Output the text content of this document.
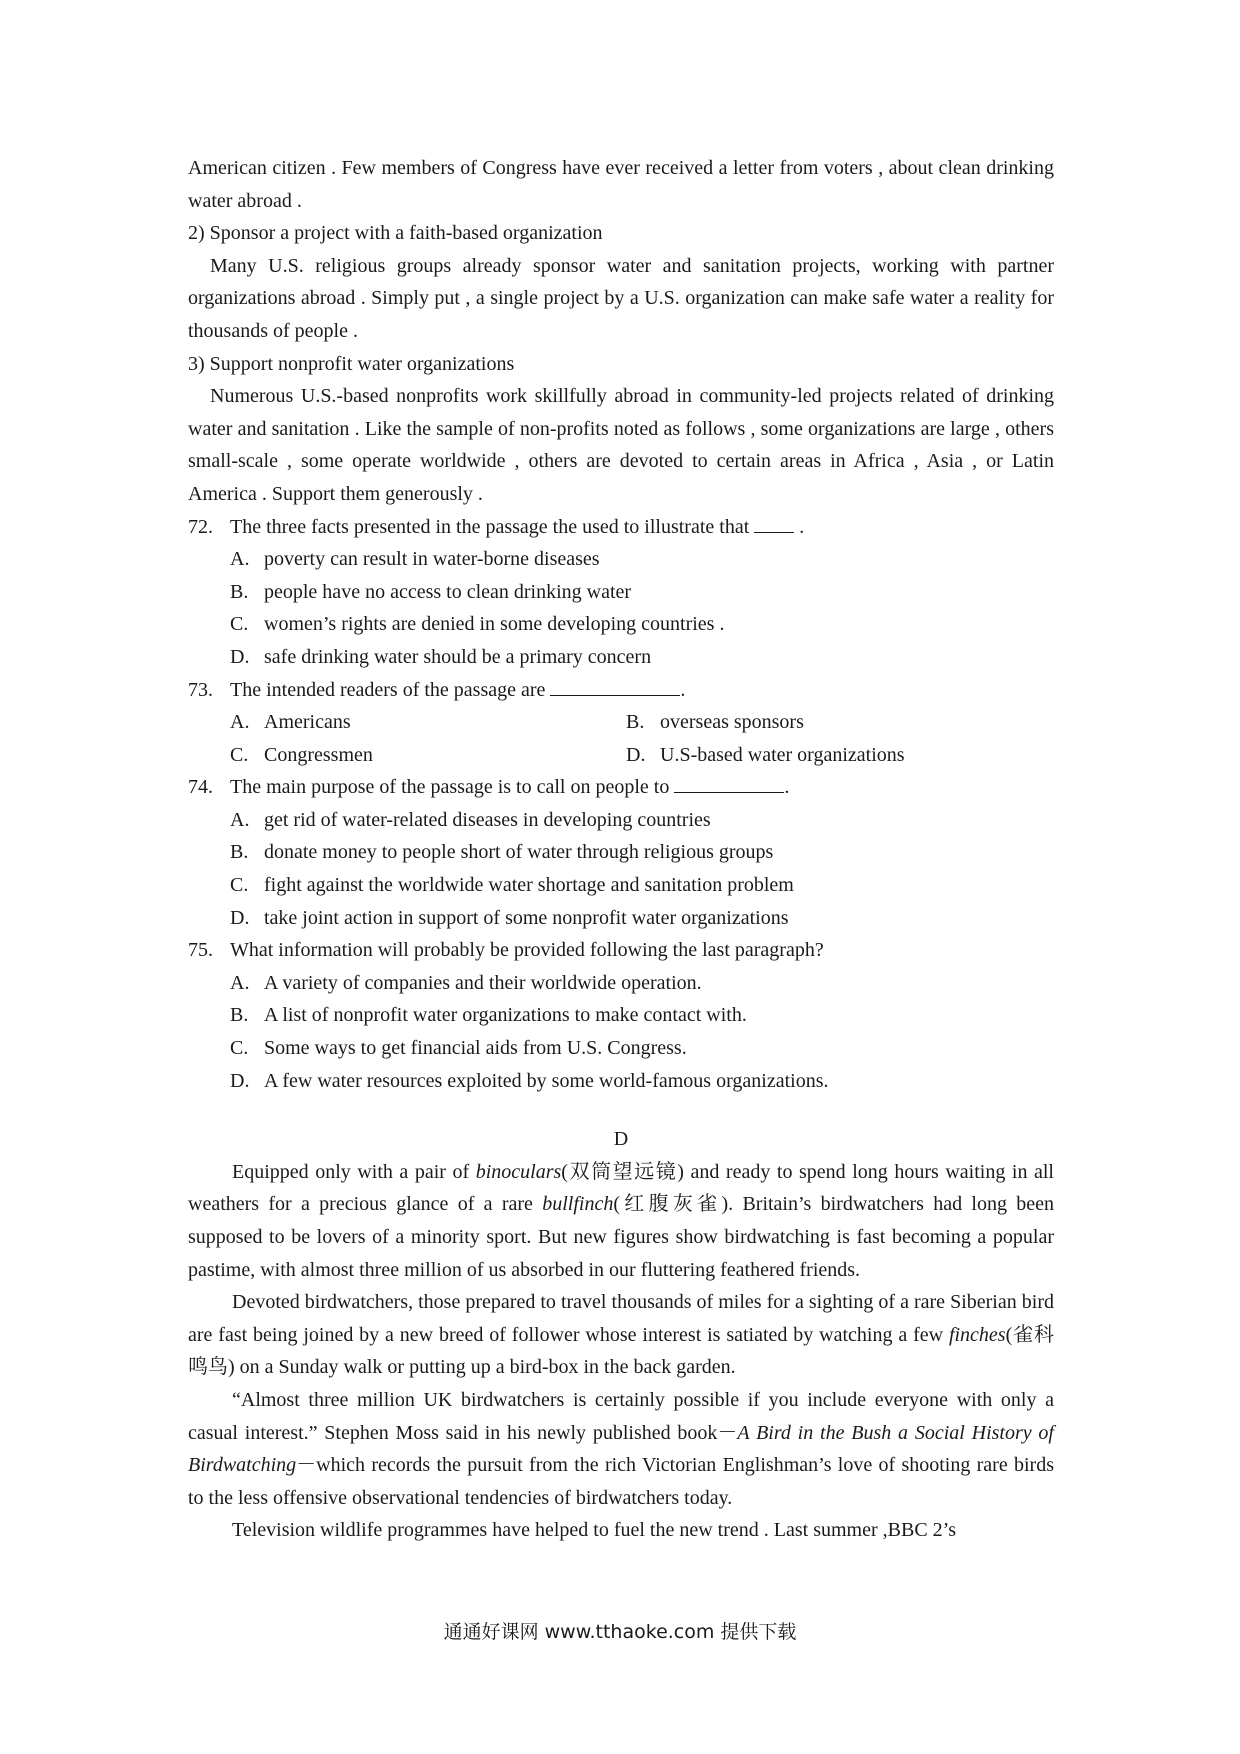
American citizen . Few members of Congress have ever received a letter from voters , about clean drinking water abroad .

2) Sponsor a project with a faith-based organization

Many U.S. religious groups already sponsor water and sanitation projects, working with partner organizations abroad . Simply put , a single project by a U.S. organization can make safe water a reality for thousands of people .

3) Support nonprofit water organizations

Numerous U.S.-based nonprofits work skillfully abroad in community-led projects related of drinking water and sanitation . Like the sample of non-profits noted as follows , some organizations are large , others small-scale , some operate worldwide , others are devoted to certain areas in Africa , Asia , or Latin America . Support them generously .

72. The three facts presented in the passage the used to illustrate that	.

A. poverty can result in water-borne diseases

B. people have no access to clean drinking water

C. women’s rights are denied in some developing countries .

D. safe drinking water should be a primary concern

73. The intended readers of the passage are	.

A. Americans	B. overseas sponsors
C. Congressmen	D. U.S-based water organizations

74. The main purpose of the passage is to call on people to	.

A. get rid of water-related diseases in developing countries

B. donate money to people short of water through religious groups

C. fight against the worldwide water shortage and sanitation problem

D. take joint action in support of some nonprofit water organizations

75. What information will probably be provided following the last paragraph?

A. A variety of companies and their worldwide operation.

B. A list of nonprofit water organizations to make contact with.

C. Some ways to get financial aids from U.S. Congress.

D. A few water resources exploited by some world-famous organizations.

D

Equipped only with a pair of binoculars(双筒望远镜) and ready to spend long hours waiting in all weathers for a precious glance of a rare bullfinch(红腹灰雀). Britain’s birdwatchers had long been supposed to be lovers of a minority sport. But new figures show birdwatching is fast becoming a popular pastime, with almost three million of us absorbed in our fluttering feathered friends.

Devoted birdwatchers, those prepared to travel thousands of miles for a sighting of a rare Siberian bird are fast being joined by a new breed of follower whose interest is satiated by watching a few finches(雀科鸣鸟) on a Sunday walk or putting up a bird-box in the back garden.

“Almost three million UK birdwatchers is certainly possible if you include everyone with only a casual interest.” Stephen Moss said in his newly published book－A Bird in the Bush a Social History of Birdwatching－which records the pursuit from the rich Victorian Englishman’s love of shooting rare birds to the less offensive observational tendencies of birdwatchers today.

Television wildlife programmes have helped to fuel the new trend . Last summer ,BBC 2’s

通通好课网 www.tthaoke.com 提供下载
